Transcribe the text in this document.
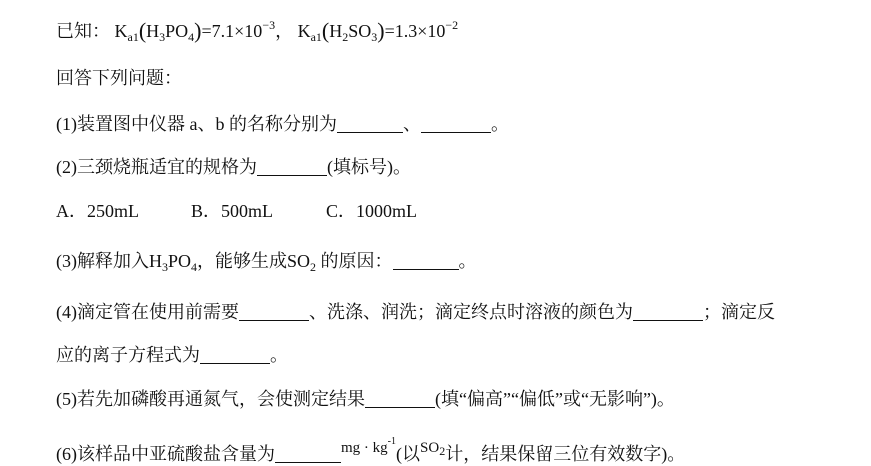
已知： $K_{a1}(H_3PO_4)=7.1\times 10^{-3}$， $K_{a1}(H_2SO_3)=1.3\times 10^{-2}$
回答下列问题：
(1)装置图中仪器 a、b 的名称分别为	、	。
(2)三颈烧瓶适宜的规格为	(填标号)。
A．250mL	B．500mL	C．1000mL
(3)解释加入$H_3PO_4$，能够生成$SO_2$ 的原因：	。
(4)滴定管在使用前需要	、洗涤、润洗；滴定终点时溶液的颜色为	；滴定反
应的离子方程式为	。
(5)若先加磷酸再通氮气，会使测定结果	(填“偏高”“偏低”或“无影响”)。
(6)该样品中亚硫酸盐含量为	$^{mg \cdot kg^{-1}}$(以$^{SO_2}$计，结果保留三位有效数字)。
